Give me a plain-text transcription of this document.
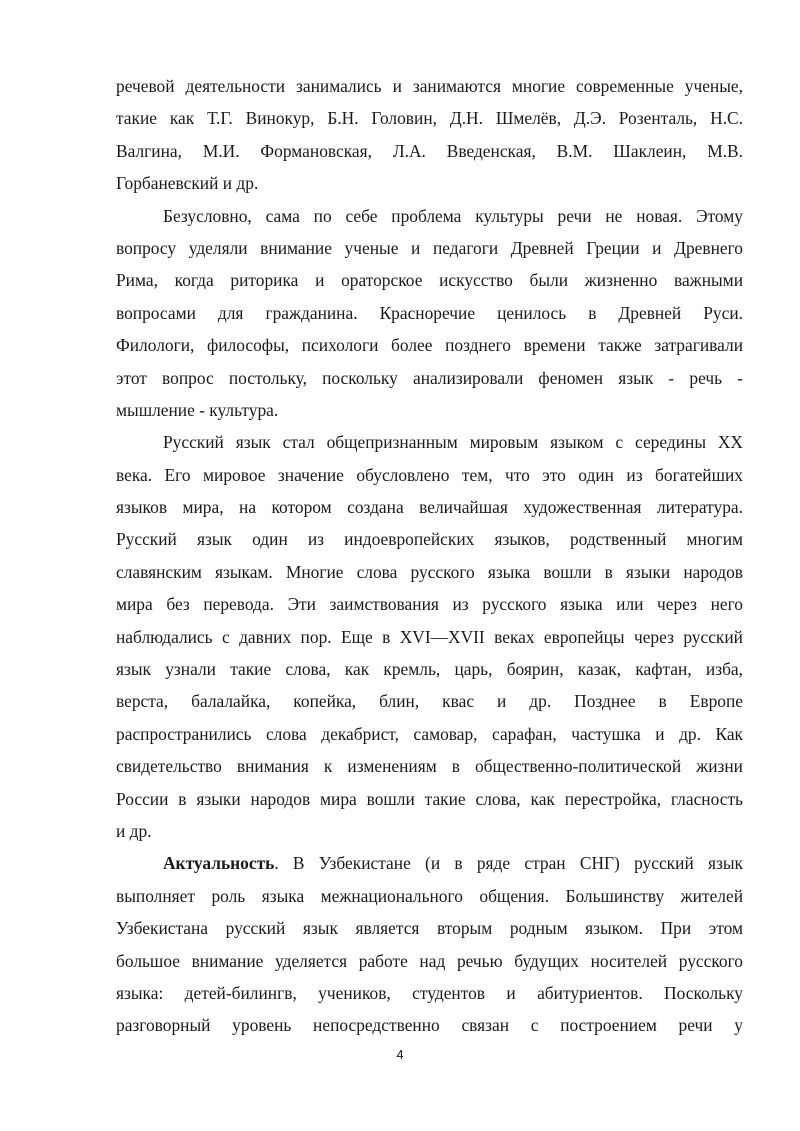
речевой деятельности занимались и занимаются многие современные ученые,
такие как Т.Г. Винокур, Б.Н. Головин, Д.Н. Шмелёв, Д.Э. Розенталь, Н.С.
Валгина, М.И. Формановская, Л.А. Введенская, В.М. Шаклеин, М.В.
Горбаневский и др.
Безусловно, сама по себе проблема культуры речи не новая. Этому
вопросу уделяли внимание ученые и педагоги Древней Греции и Древнего
Рима, когда риторика и ораторское искусство были жизненно важными
вопросами для гражданина. Красноречие ценилось в Древней Руси.
Филологи, философы, психологи более позднего времени также затрагивали
этот вопрос постольку, поскольку анализировали феномен язык - речь -
мышление - культура.
Русский язык стал общепризнанным мировым языком с середины XX
века. Его мировое значение обусловлено тем, что это один из богатейших
языков мира, на котором создана величайшая художественная литература.
Русский язык один из индоевропейских языков, родственный многим
славянским языкам. Многие слова русского языка вошли в языки народов
мира без перевода. Эти заимствования из русского языка или через него
наблюдались с давних пор. Еще в XVI—XVII веках европейцы через русский
язык узнали такие слова, как кремль, царь, боярин, казак, кафтан, изба,
верста, балалайка, копейка, блин, квас и др. Позднее в Европе
распространились слова декабрист, самовар, сарафан, частушка и др. Как
свидетельство внимания к изменениям в общественно-политической жизни
России в языки народов мира вошли такие слова, как перестройка, гласность
и др.
Актуальность. В Узбекистане (и в ряде стран СНГ) русский язык
выполняет роль языка межнационального общения. Большинству жителей
Узбекистана русский язык является вторым родным языком. При этом
большое внимание уделяется работе над речью будущих носителей русского
языка: детей-билингв, учеников, студентов и абитуриентов. Поскольку
разговорный уровень непосредственно связан с построением речи у
4
